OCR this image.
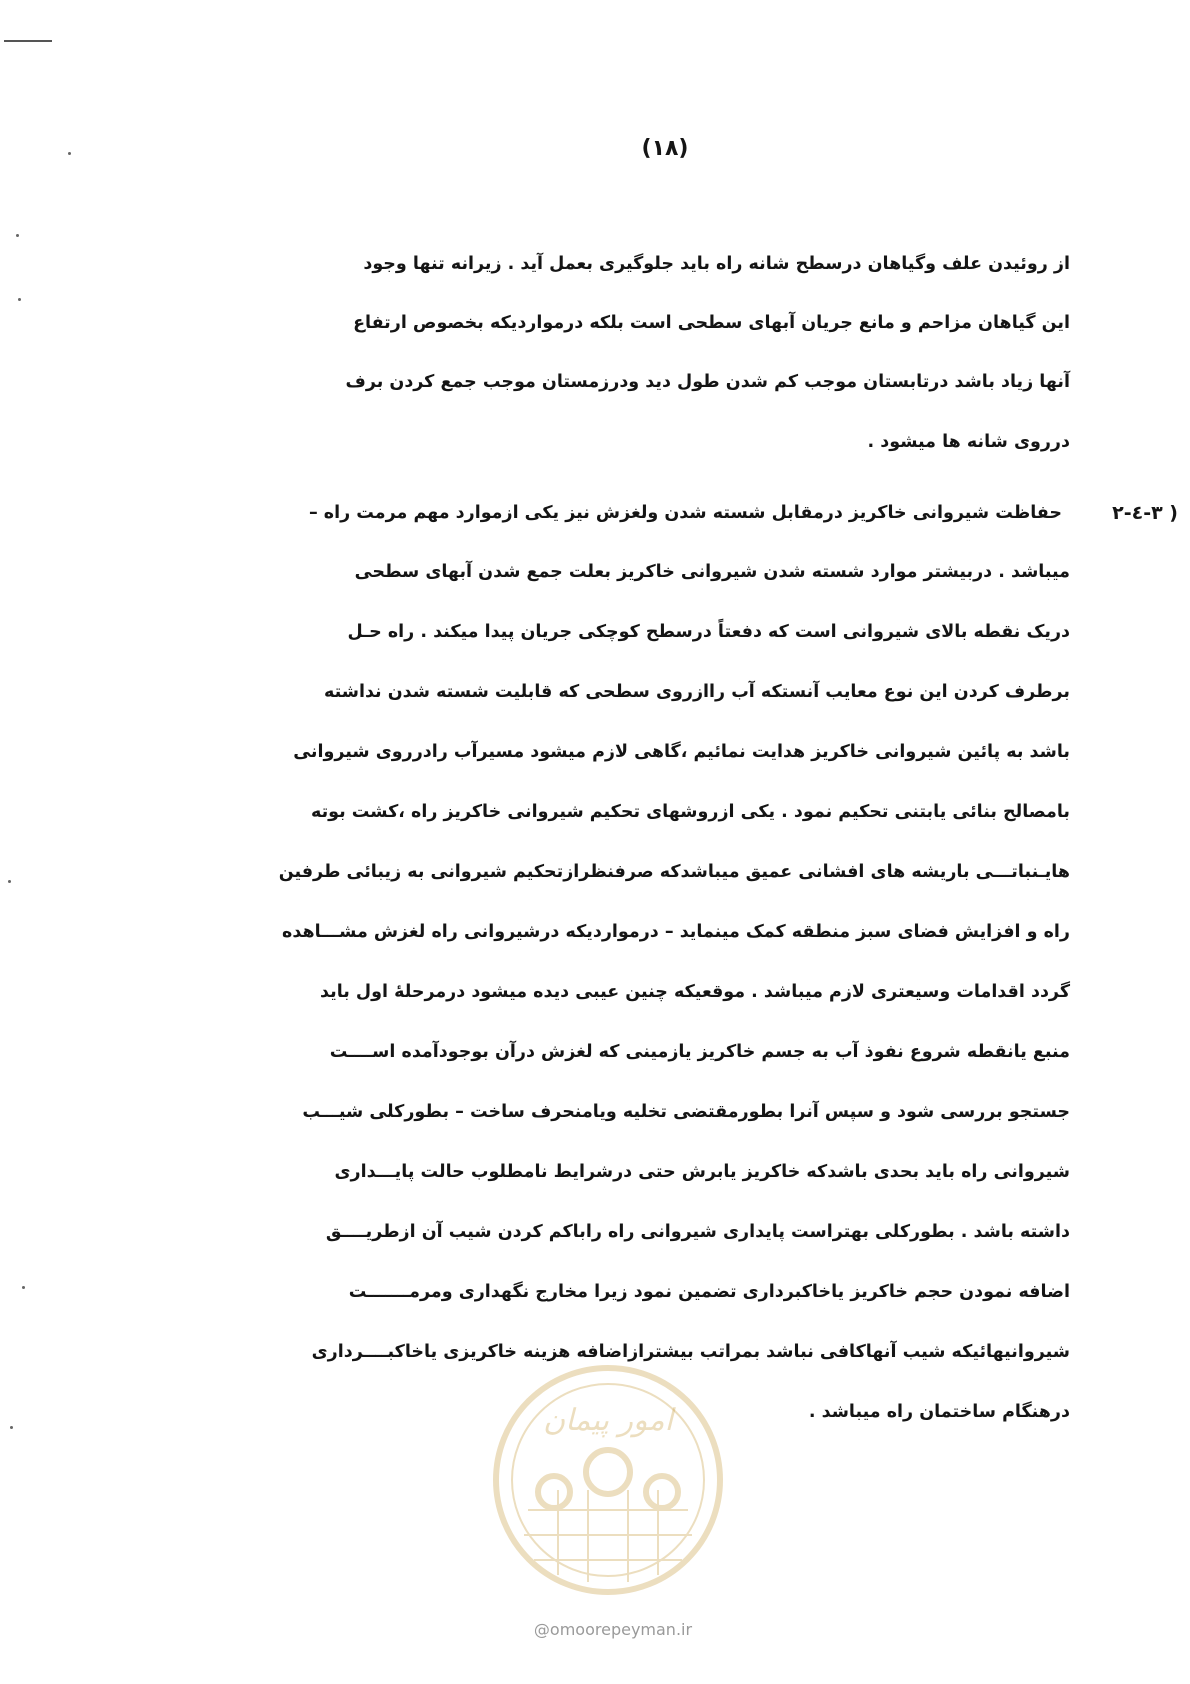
(١٨)
از روئيدن علف وگياهان درسطح شانه راه بايد جلوگيری بعمل آيد . زيرانه تنها وجود
اين گياهان مزاحم و مانع جريان آبهای سطحی است بلکه درموارديکه بخصوص ارتفاع
آنها زياد باشد درتابستان موجب کم شدن طول ديد ودرزمستان موجب جمع کردن برف
درروی شانه ها ميشود .
٣-٤-٢ )
حفاظت شيروانی خاکريز درمقابل شسته شدن ولغزش نيز يکی ازموارد مهم مرمت راه –
ميباشد . دربيشتر موارد شسته شدن شيروانی خاکريز بعلت جمع شدن آبهای سطحی
دريک نقطه بالای شيروانی است که دفعتاً درسطح کوچکی جريان پيدا ميکند . راه حـل
برطرف کردن اين نوع معايب آنستکه آب راازروی سطحی که قابليت شسته شدن نداشته
باشد به پائين شيروانی خاکريز هدايت نمائيم ،گاهی لازم ميشود مسيرآب رادرروی شيروانی
بامصالح بنائی يابتنی تحکيم نمود . يکی ازروشهای تحکيم شيروانی خاکريز راه ،کشت بوته
هایـنباتـــی باريشه های افشانی عميق ميباشدکه صرفنظرازتحکيم شيروانی به زيبائی طرفين
راه و افزايش فضای سبز منطقه کمک مينمايد – درموارديکه درشيروانی راه لغزش مشـــاهده
گردد اقدامات وسيعتری لازم ميباشد . موقعيکه چنين عيبی ديده ميشود درمرحلهٔ اول بايد
منبع يانقطه شروع نفوذ آب به جسم خاکريز يازمينی که لغزش درآن بوجودآمده اســــت
جستجو بررسی شود و سپس آنرا بطورمقتضی تخليه ويامنحرف ساخت – بطورکلی شيـــب
شيروانی راه بايد بحدی باشدکه خاکريز يابرش حتی درشرايط نامطلوب حالت پايـــداری
داشته باشد . بطورکلی بهتراست پايداری شيروانی راه راباکم کردن شيب آن ازطريــــق
اضافه نمودن حجم خاکريز ياخاکبرداری تضمين نمود زيرا مخارج نگهداری ومرمـــــــت
شيروانيهائيکه شيب آنهاکافی نباشد بمراتب بيشترازاضافه هزينه خاکريزی ياخاکبــــرداری
درهنگام ساختمان راه ميباشد .
امور پیمان
@omoorepeyman.ir
